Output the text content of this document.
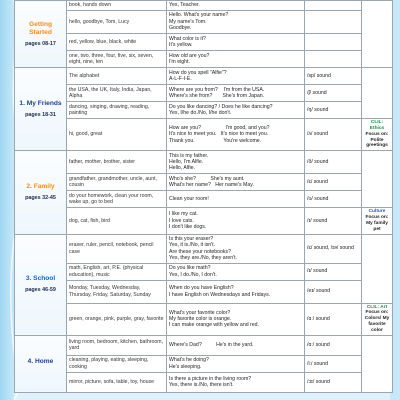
Getting Started
pages 08-17	book, hands down	Yes, Teacher.		

	hello, goodbye, Tom, Lucy	Hello. What's your name?
My name's Tom.
Goodbye.		

	red, yellow, blue, black, white	What color is it?
It's yellow.		

	one, two, three, four, five, six, seven, eight, nine, ten	How old are you?
I'm eight.		

1. My Friends
pages 18-31	The alphabet	How do you spell "Alfie"?
A-L-F-I-E.	/sp/ sound	

	the USA, the UK, Italy, India, Japan, Alpha	Where are you from?    I'm from the USA.
Where's she from?       She's from Japan.	/ʃ/ sound	

	dancing, singing, drawing, reading, painting	Do you like dancing? / Does he like dancing?
Yes, I/he do./No, I/he don't.	/ŋ/ sound	

	hi, good, great	How are you?                 I'm good, and you?
It's nice to meet you.   It's nice to meet you.
Thank you.                    You're welcome.	/ʌ/ sound	CLIL: Ethics
Focus on: Polite greetings

2. Family
pages 32-45	father, mother, brother, sister	This is my father.
Hello, I'm Alfie.
Hello, Alfie.	/ð/ sound	

	grandfather, grandmother, uncle, aunt, cousin	Who's she?          She's my aunt.
What's her name?   Her name's May.	/ɛ/ sound	

	do your homework, clean your room, wake up, go to bed	Clean your room!	/ʊ/ sound	

	dog, cat, fish, bird	I like my cat.
I love cats.
I don't like dogs.	/ɪ/ sound	Culture
Focus on: My family pet

3. School
pages 46-59	eraser, ruler, pencil, notebook, pencil case	Is this your eraser?
Yes, it is./No, it isn't.
Are these your notebooks?
Yes, they are./No, they aren't.	/ɛ/ sound, /ɪə/ sound	

	math, English, art, P.E. (physical education), music	Do you like math?
Yes, I do./No, I don't.	/ɪ/ sound	

	Monday, Tuesday, Wednesday, Thursday, Friday, Saturday, Sunday	When do you have English?
I have English on Wednesdays and Fridays.	/eɪ/ sound	

	green, orange, pink, purple, gray, favorite	What's your favorite color?
My favorite color is orange.
I can make orange with yellow and red.	/ɑː/ sound	CLIL: Art
Focus on: Colors/ My favorite color

4. Home	living room, bedroom, kitchen, bathroom, yard	Where's Dad?          He's in the yard.	/ɑː/ sound	

	cleaning, playing, eating, sleeping, cooking	What's he doing?
He's sleeping.	/iː/ sound	

	mirror, picture, sofa, table, toy, house	Is there a picture in the living room?
Yes, there is./No, there isn't.	/ɔɪ/ sound	
